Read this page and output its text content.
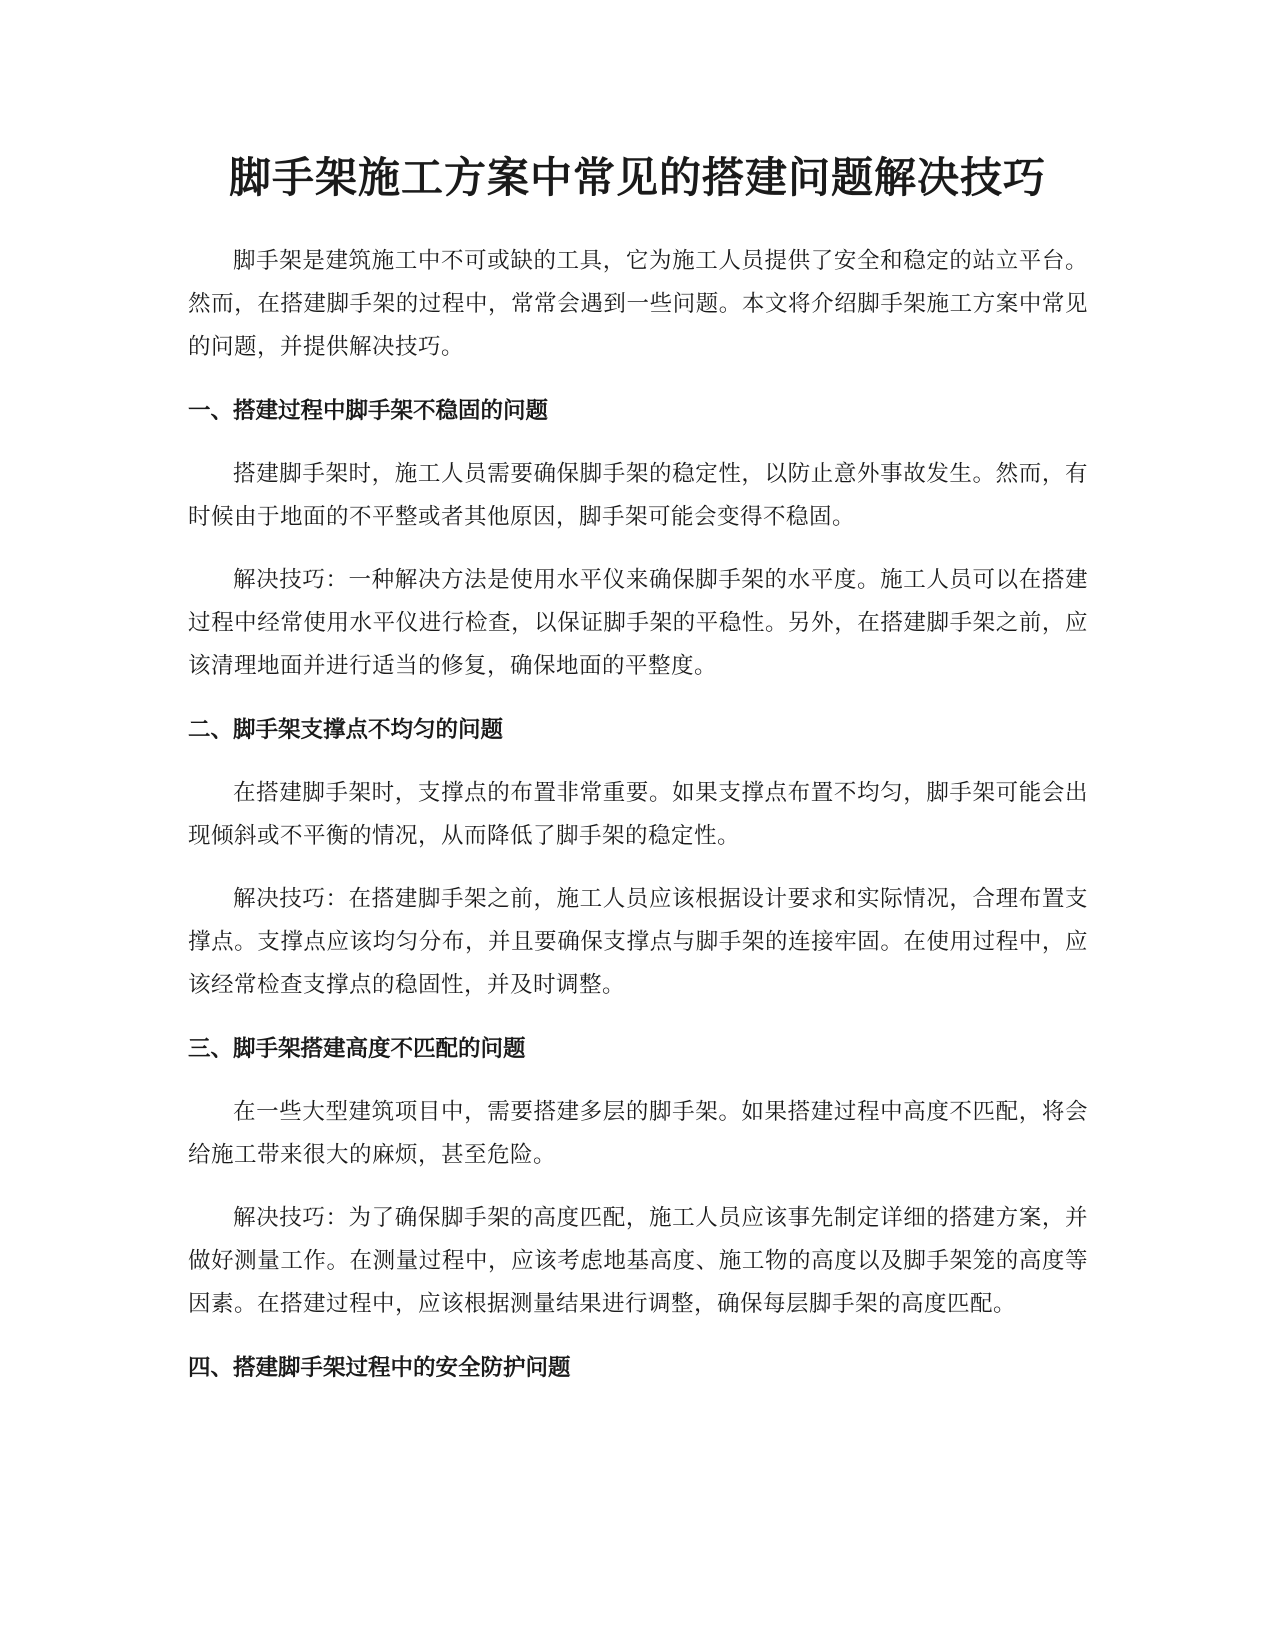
脚手架施工方案中常见的搭建问题解决技巧

脚手架是建筑施工中不可或缺的工具，它为施工人员提供了安全和稳定的站立平台。然而，在搭建脚手架的过程中，常常会遇到一些问题。本文将介绍脚手架施工方案中常见的问题，并提供解决技巧。

一、搭建过程中脚手架不稳固的问题

搭建脚手架时，施工人员需要确保脚手架的稳定性，以防止意外事故发生。然而，有时候由于地面的不平整或者其他原因，脚手架可能会变得不稳固。

解决技巧：一种解决方法是使用水平仪来确保脚手架的水平度。施工人员可以在搭建过程中经常使用水平仪进行检查，以保证脚手架的平稳性。另外，在搭建脚手架之前，应该清理地面并进行适当的修复，确保地面的平整度。

二、脚手架支撑点不均匀的问题

在搭建脚手架时，支撑点的布置非常重要。如果支撑点布置不均匀，脚手架可能会出现倾斜或不平衡的情况，从而降低了脚手架的稳定性。

解决技巧：在搭建脚手架之前，施工人员应该根据设计要求和实际情况，合理布置支撑点。支撑点应该均匀分布，并且要确保支撑点与脚手架的连接牢固。在使用过程中，应该经常检查支撑点的稳固性，并及时调整。

三、脚手架搭建高度不匹配的问题

在一些大型建筑项目中，需要搭建多层的脚手架。如果搭建过程中高度不匹配，将会给施工带来很大的麻烦，甚至危险。

解决技巧：为了确保脚手架的高度匹配，施工人员应该事先制定详细的搭建方案，并做好测量工作。在测量过程中，应该考虑地基高度、施工物的高度以及脚手架笼的高度等因素。在搭建过程中，应该根据测量结果进行调整，确保每层脚手架的高度匹配。

四、搭建脚手架过程中的安全防护问题
